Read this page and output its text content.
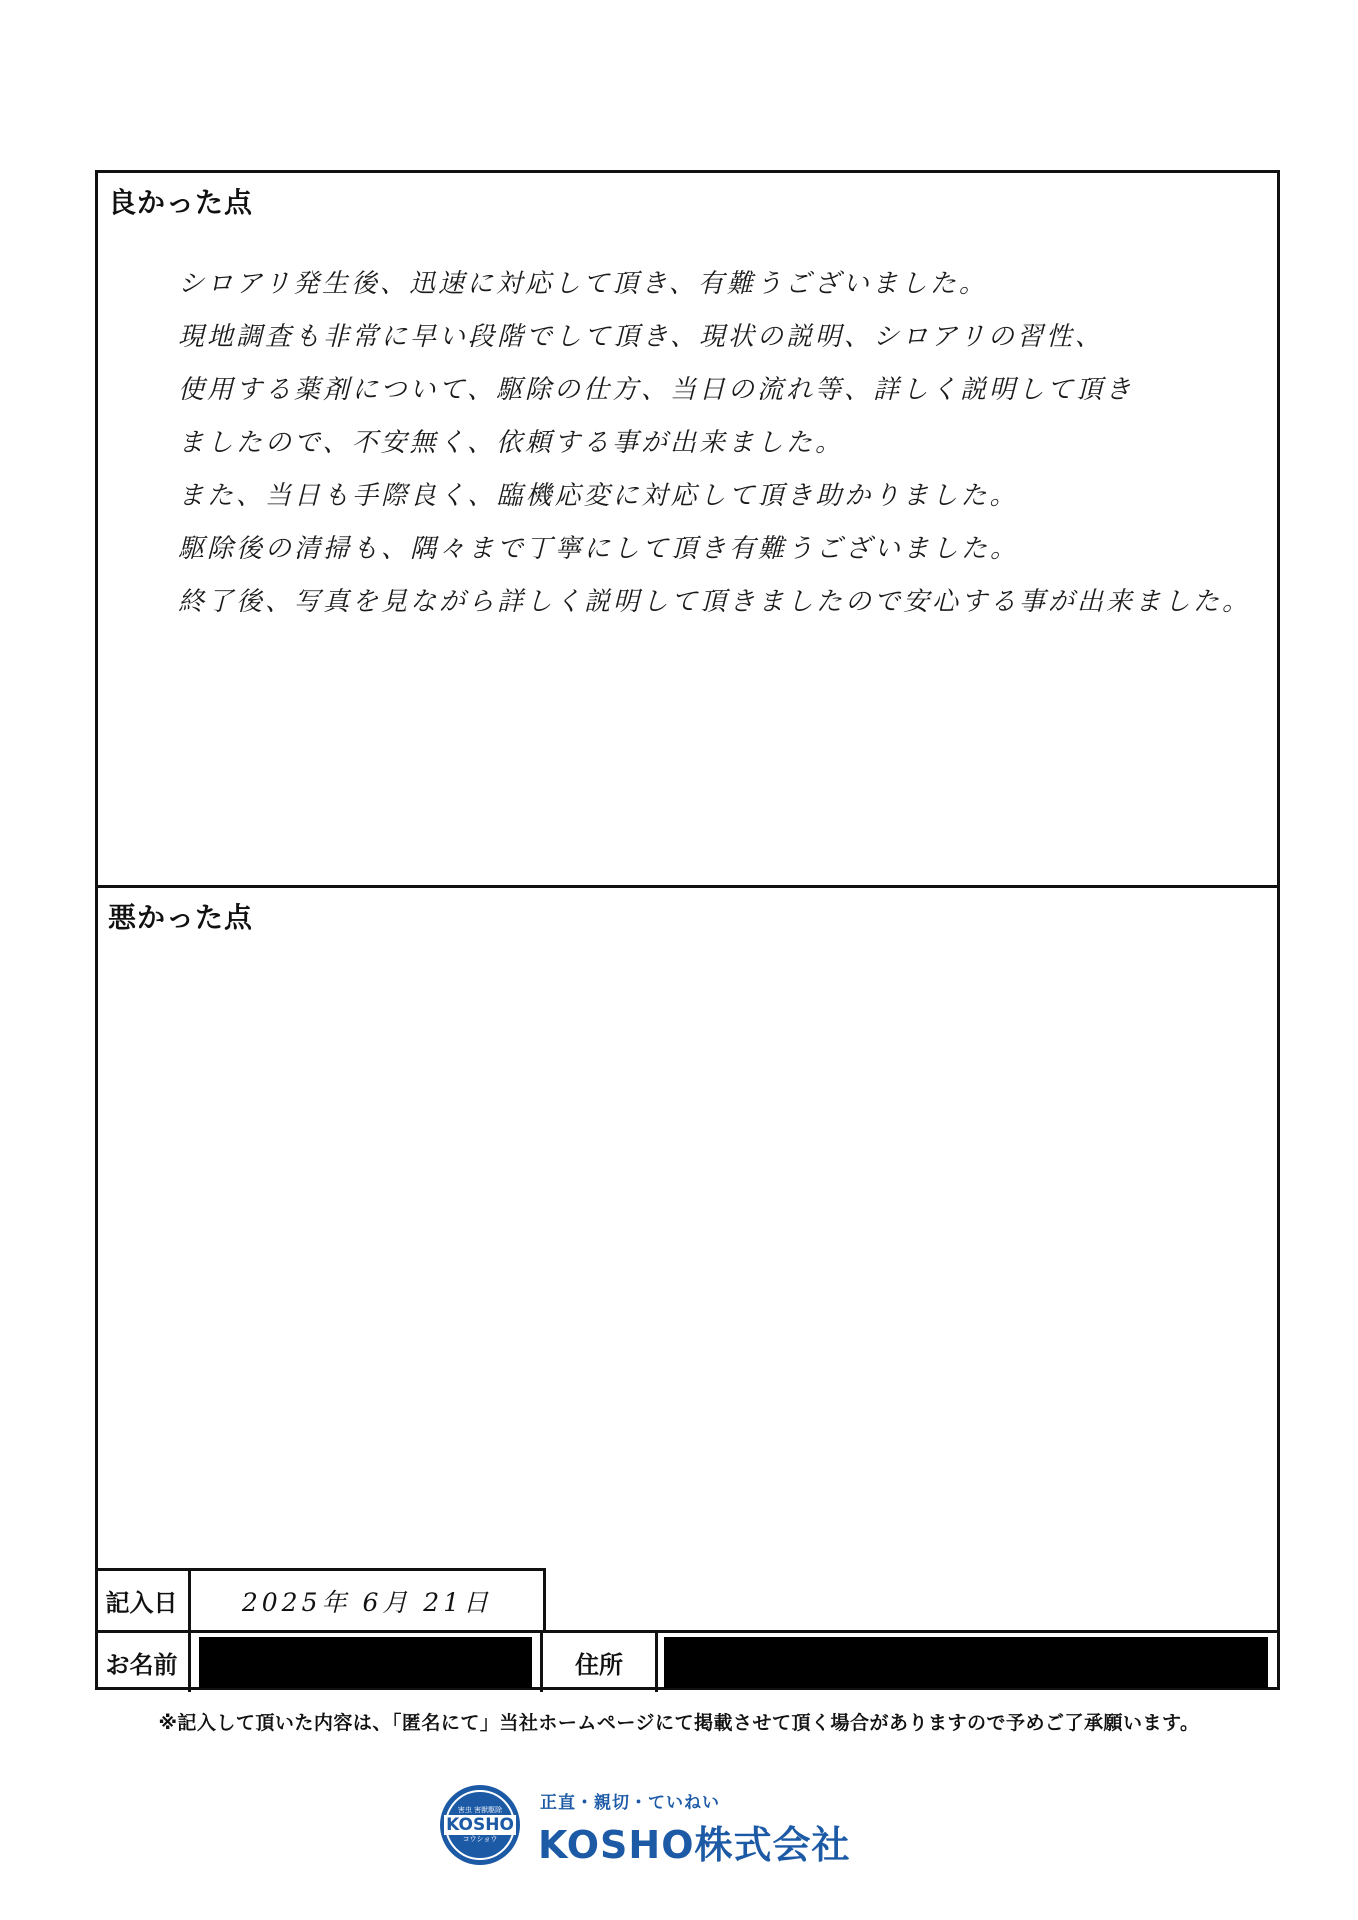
良かった点
シロアリ発生後、迅速に対応して頂き、有難うございました。
現地調査も非常に早い段階でして頂き、現状の説明、シロアリの習性、
使用する薬剤について、駆除の仕方、当日の流れ等、詳しく説明して頂き
ましたので、不安無く、依頼する事が出来ました。
また、当日も手際良く、臨機応変に対応して頂き助かりました。
駆除後の清掃も、隅々まで丁寧にして頂き有難うございました。
終了後、写真を見ながら詳しく説明して頂きましたので安心する事が出来ました。
悪かった点
記入日	2025年 6月 21日
お名前	住所
※記入して頂いた内容は、「匿名にて」当社ホームページにて掲載させて頂く場合がありますので予めご了承願います。
害虫 害獣駆除
KOSHO
コウショウ
正直・親切・ていねい
KOSHO株式会社
